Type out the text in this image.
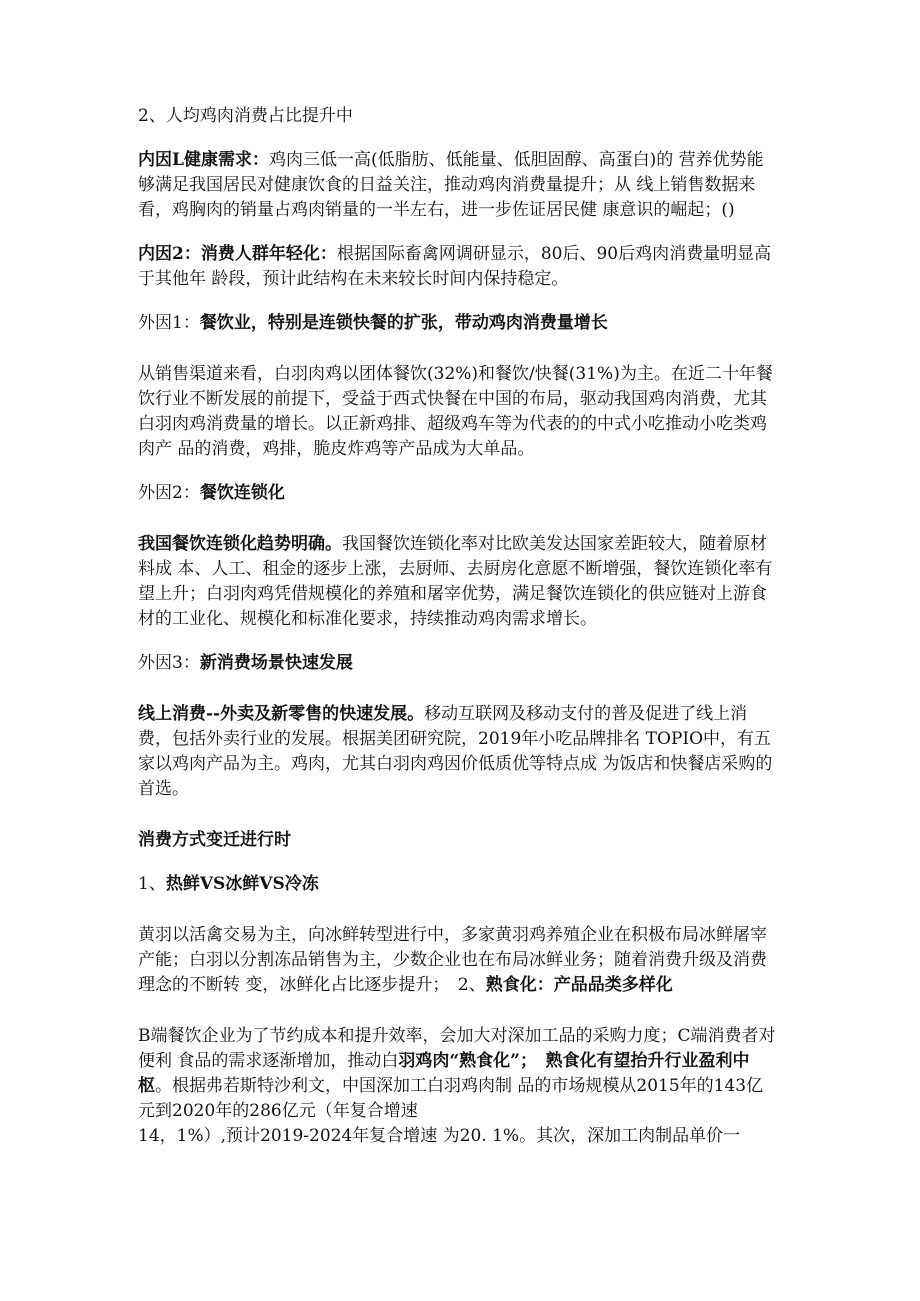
2、人均鸡肉消费占比提升中

内因L健康需求：鸡肉三低一高(低脂肪、低能量、低胆固醇、高蛋白)的 营养优势能够满足我国居民对健康饮食的日益关注，推动鸡肉消费量提升；从 线上销售数据来看，鸡胸肉的销量占鸡肉销量的一半左右，进一步佐证居民健 康意识的崛起；()

内因2：消费人群年轻化：根据国际畜禽网调研显示，80后、90后鸡肉消费量明显高于其他年 龄段，预计此结构在未来较长时间内保持稳定。

外因1：餐饮业，特别是连锁快餐的扩张，带动鸡肉消费量增长

从销售渠道来看，白羽肉鸡以团体餐饮(32%)和餐饮/快餐(31%)为主。在近二十年餐饮行业不断发展的前提下，受益于西式快餐在中国的布局，驱动我国鸡肉消费，尤其白羽肉鸡消费量的增长。以正新鸡排、超级鸡车等为代表的的中式小吃推动小吃类鸡肉产 品的消费，鸡排，脆皮炸鸡等产品成为大单品。

外因2：餐饮连锁化

我国餐饮连锁化趋势明确。我国餐饮连锁化率对比欧美发达国家差距较大，随着原材料成 本、人工、租金的逐步上涨，去厨师、去厨房化意愿不断增强，餐饮连锁化率有望上升；白羽肉鸡凭借规模化的养殖和屠宰优势，满足餐饮连锁化的供应链对上游食材的工业化、规模化和标准化要求，持续推动鸡肉需求增长。

外因3：新消费场景快速发展

线上消费--外卖及新零售的快速发展。移动互联网及移动支付的普及促进了线上消费，包括外卖行业的发展。根据美团研究院，2019年小吃品牌排名 TOPIO中，有五家以鸡肉产品为主。鸡肉，尤其白羽肉鸡因价低质优等特点成 为饭店和快餐店采购的首选。

消费方式变迁进行时

1、热鲜VS冰鲜VS冷冻

黄羽以活禽交易为主，向冰鲜转型进行中，多家黄羽鸡养殖企业在积极布局冰鲜屠宰产能；白羽以分割冻品销售为主，少数企业也在布局冰鲜业务；随着消费升级及消费理念的不断转 变，冰鲜化占比逐步提升；　2、熟食化：产品品类多样化

B端餐饮企业为了节约成本和提升效率，会加大对深加工品的采购力度；C端消费者对便利 食品的需求逐渐增加，推动白羽鸡肉“熟食化”；　熟食化有望抬升行业盈利中枢。根据弗若斯特沙利文，中国深加工白羽鸡肉制 品的市场规模从2015年的143亿元到2020年的286亿元（年复合增速
14，1%）,预计2019-2024年复合增速 为20. 1%。其次，深加工肉制品单价一
